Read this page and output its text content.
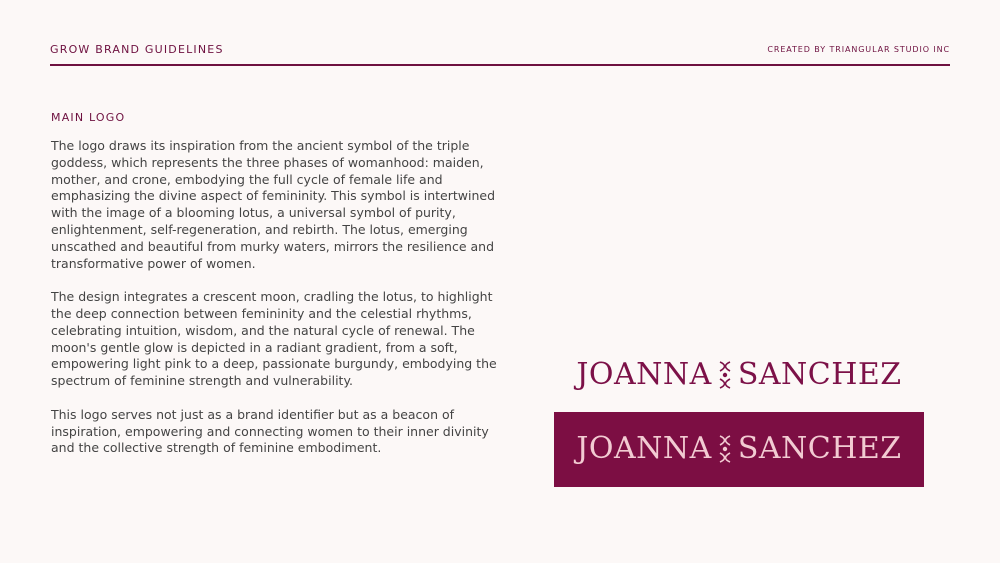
GROW BRAND GUIDELINES	CREATED BY TRIANGULAR STUDIO INC
MAIN LOGO

The logo draws its inspiration from the ancient symbol of the triple goddess, which represents the three phases of womanhood: maiden, mother, and crone, embodying the full cycle of female life and emphasizing the divine aspect of femininity. This symbol is intertwined with the image of a blooming lotus, a universal symbol of purity, enlightenment, self-regeneration, and rebirth. The lotus, emerging unscathed and beautiful from murky waters, mirrors the resilience and transformative power of women.

The design integrates a crescent moon, cradling the lotus, to highlight the deep connection between femininity and the celestial rhythms, celebrating intuition, wisdom, and the natural cycle of renewal. The moon's gentle glow is depicted in a radiant gradient, from a soft, empowering light pink to a deep, passionate burgundy, embodying the spectrum of feminine strength and vulnerability.

This logo serves not just as a brand identifier but as a beacon of inspiration, empowering and connecting women to their inner divinity and the collective strength of feminine embodiment.

JOANNA SANCHEZ
JOANNA SANCHEZ
